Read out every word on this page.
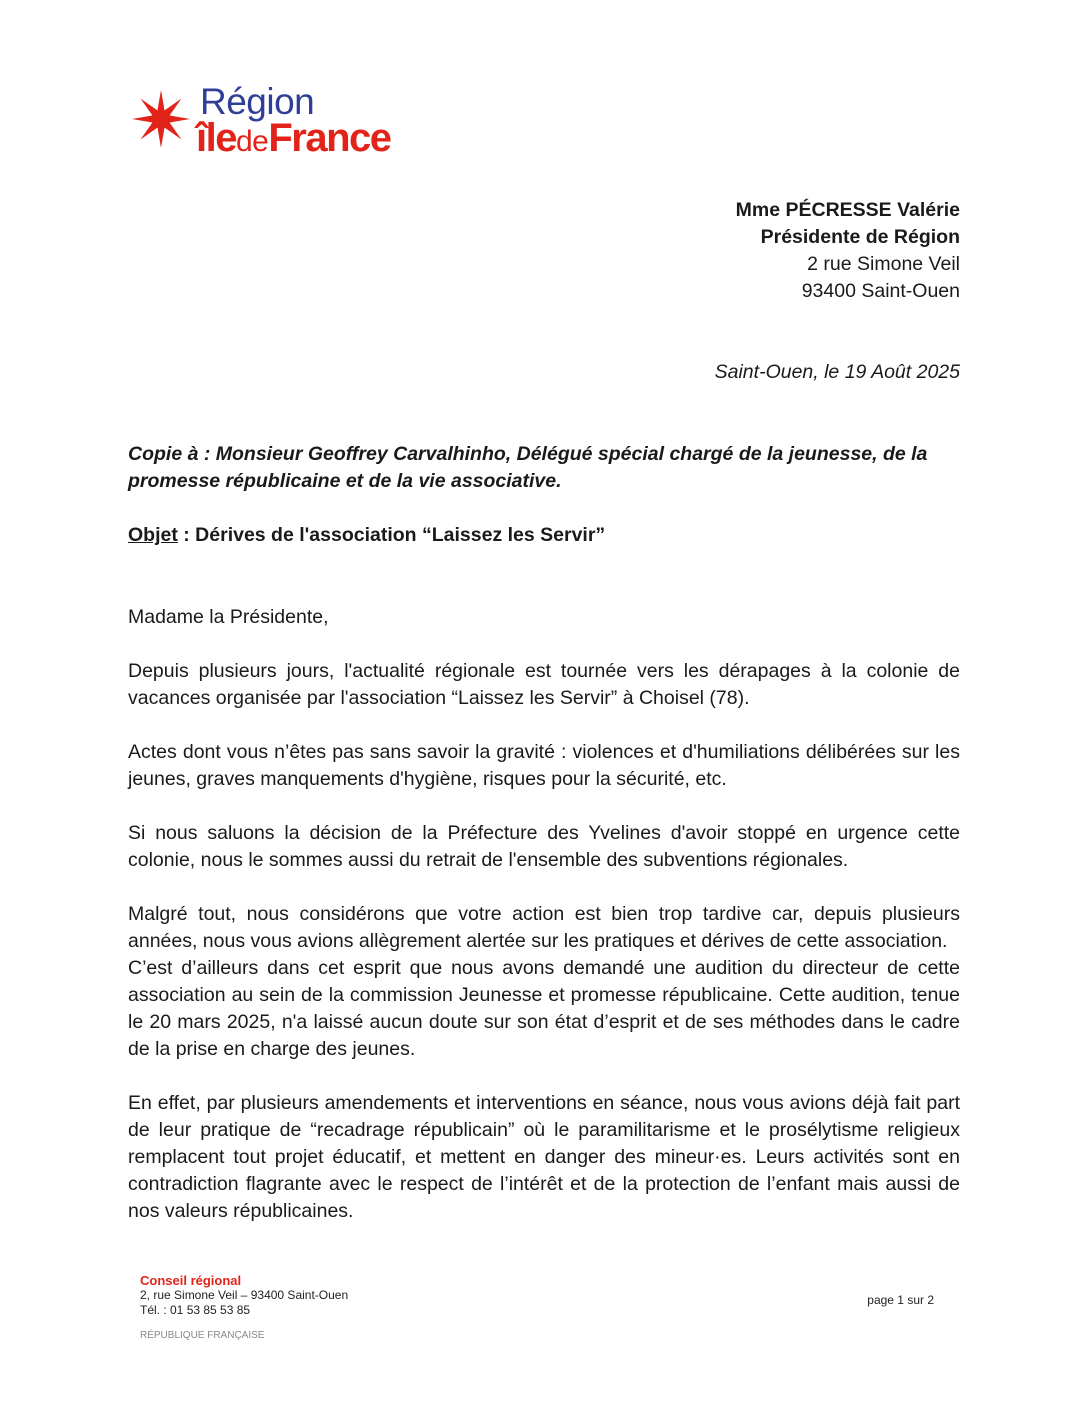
Région
îledeFrance
Mme PÉCRESSE Valérie
Présidente de Région
2 rue Simone Veil
93400 Saint-Ouen
Saint-Ouen, le 19 Août 2025
Copie à : Monsieur Geoffrey Carvalhinho, Délégué spécial chargé de la jeunesse, de la promesse républicaine et de la vie associative.
Objet : Dérives de l'association “Laissez les Servir”

Madame la Présidente,

Depuis plusieurs jours, l'actualité régionale est tournée vers les dérapages à la colonie de vacances organisée par l'association “Laissez les Servir” à Choisel (78).

Actes dont vous n’êtes pas sans savoir la gravité : violences et d'humiliations délibérées sur les jeunes, graves manquements d'hygiène, risques pour la sécurité, etc.

Si nous saluons la décision de la Préfecture des Yvelines d'avoir stoppé en urgence cette colonie, nous le sommes aussi du retrait de l'ensemble des subventions régionales.

Malgré tout, nous considérons que votre action est bien trop tardive car, depuis plusieurs années, nous vous avions allègrement alertée sur les pratiques et dérives de cette association.

C’est d’ailleurs dans cet esprit que nous avons demandé une audition du directeur de cette association au sein de la commission Jeunesse et promesse républicaine. Cette audition, tenue le 20 mars 2025, n'a laissé aucun doute sur son état d’esprit et de ses méthodes dans le cadre de la prise en charge des jeunes.

En effet, par plusieurs amendements et interventions en séance, nous vous avions déjà fait part de leur pratique de “recadrage républicain” où le paramilitarisme et le prosélytisme religieux remplacent tout projet éducatif, et mettent en danger des mineur·es. Leurs activités sont en contradiction flagrante avec le respect de l’intérêt et de la protection de l’enfant mais aussi de nos valeurs républicaines.

Conseil régional
2, rue Simone Veil – 93400 Saint-Ouen
Tél. : 01 53 85 53 85
page 1 sur 2
RÉPUBLIQUE FRANÇAISE
